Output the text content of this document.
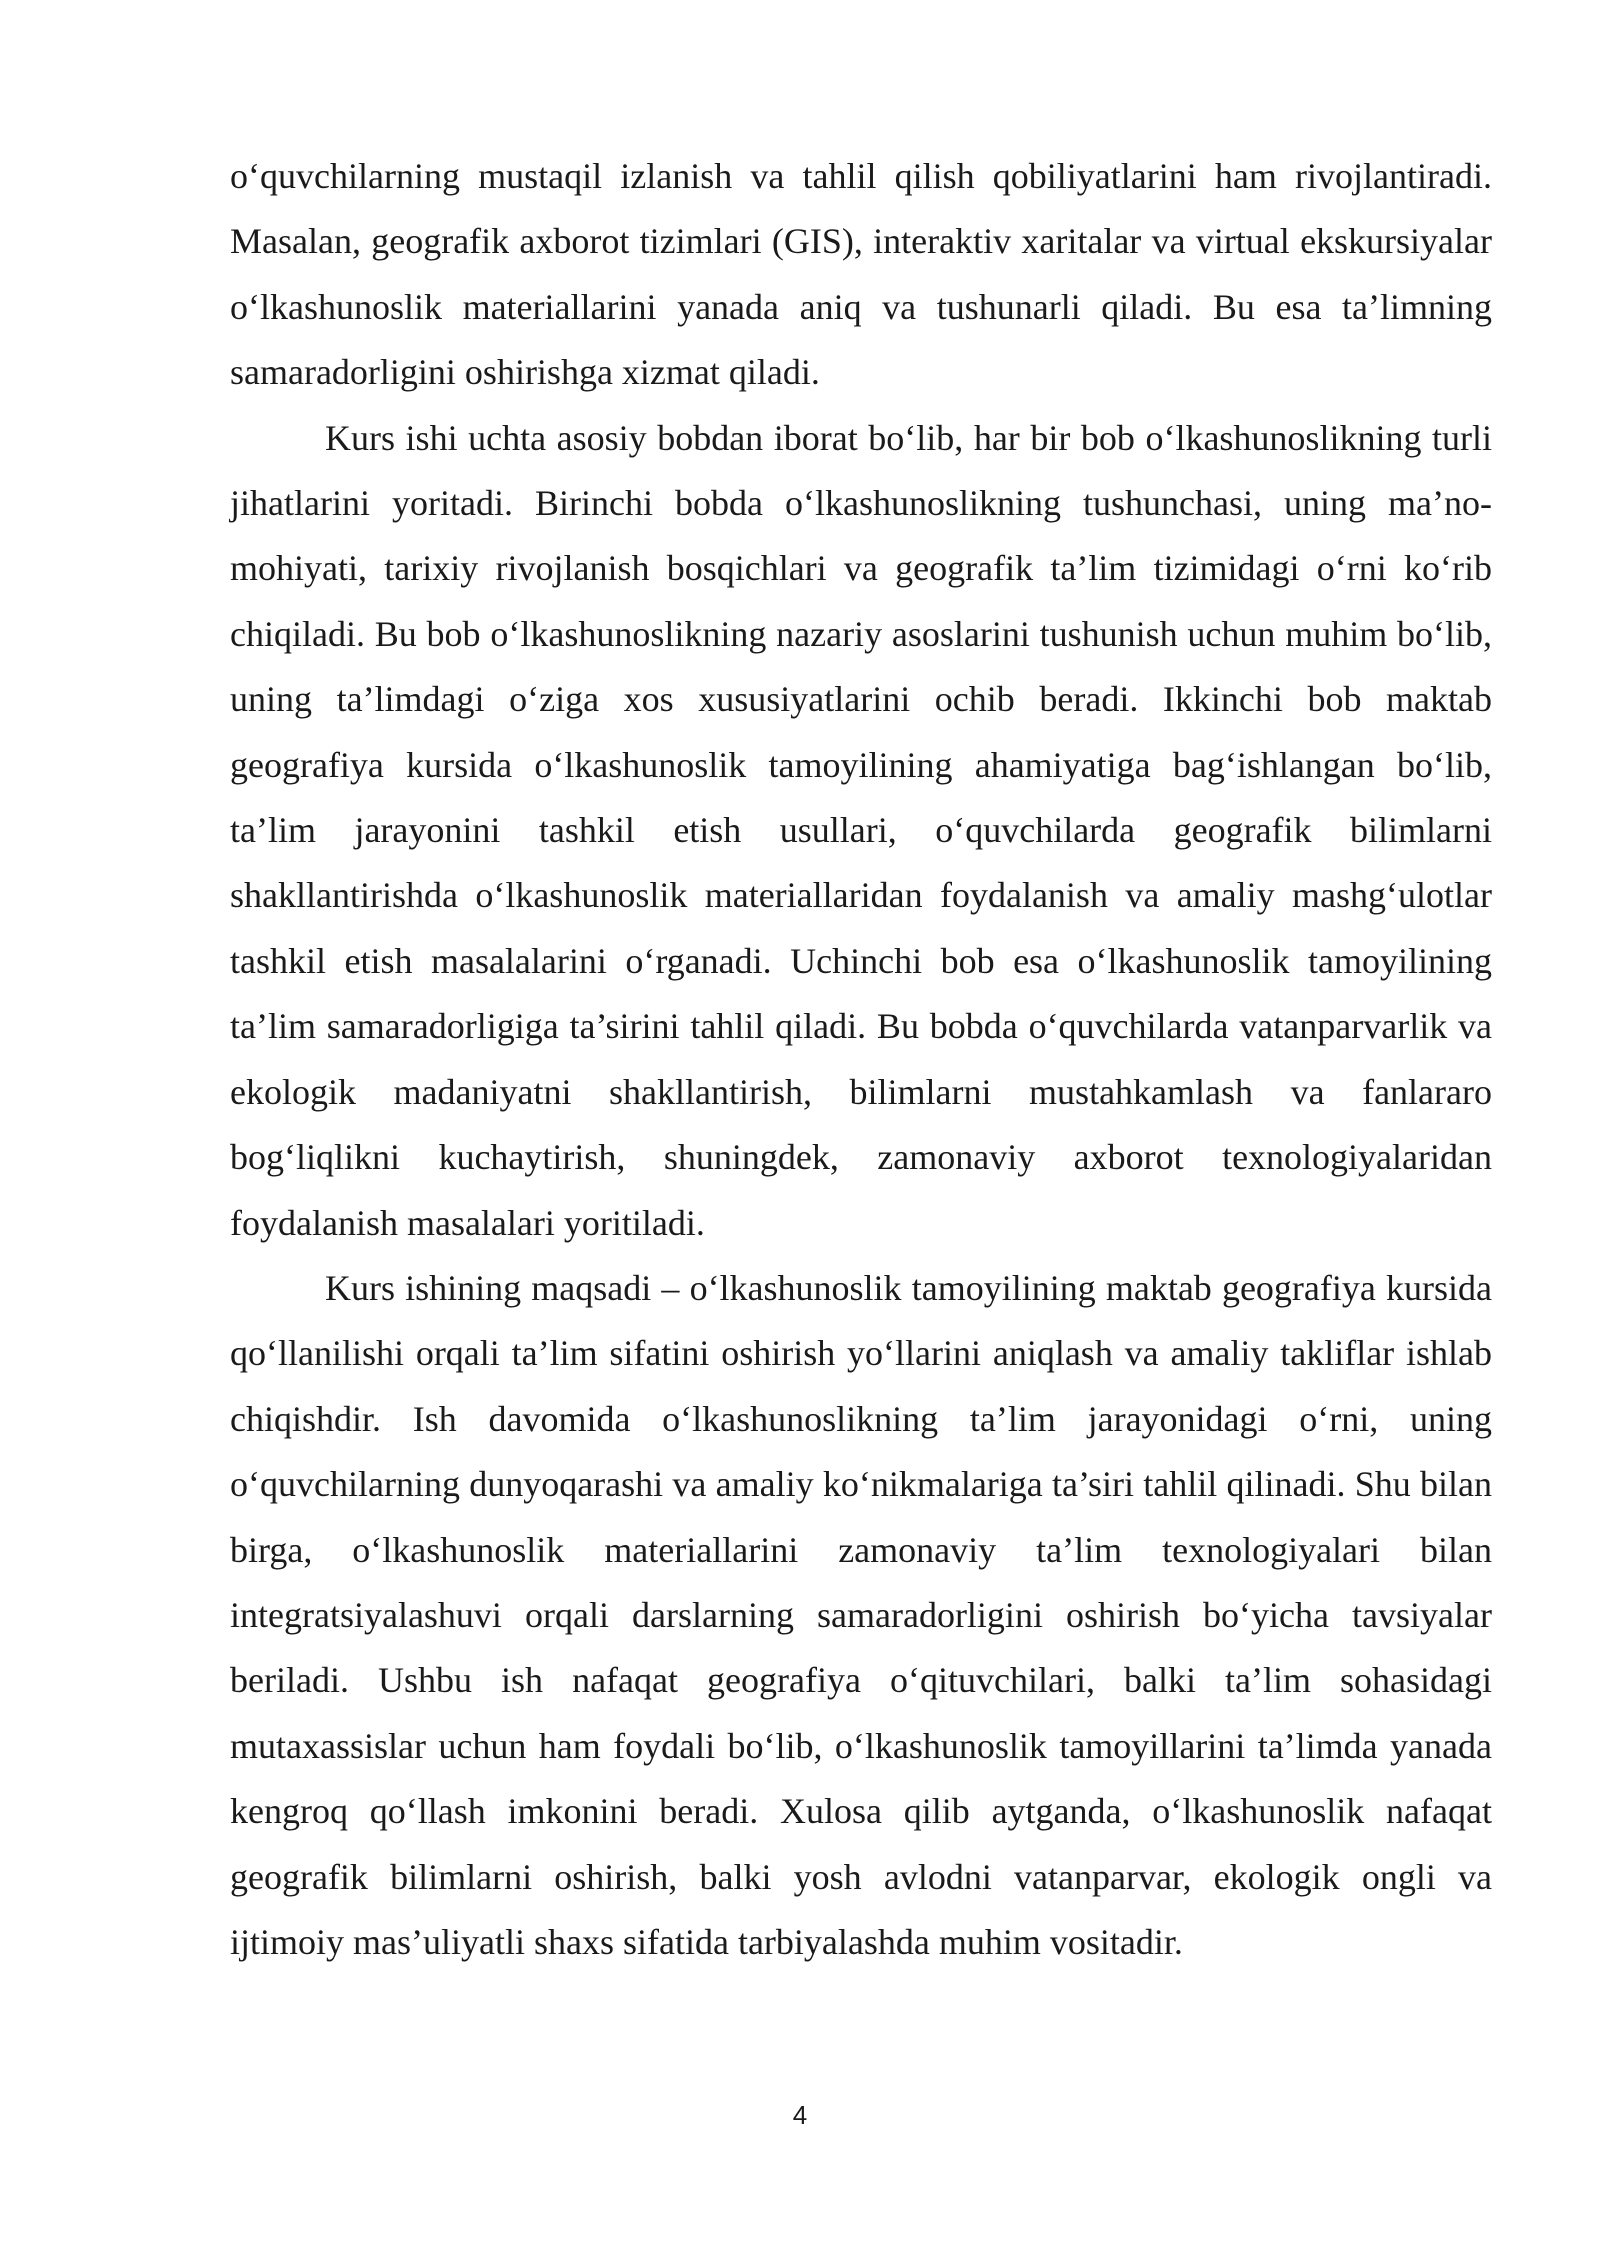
o‘quvchilarning mustaqil izlanish va tahlil qilish qobiliyatlarini ham rivojlantiradi. Masalan, geografik axborot tizimlari (GIS), interaktiv xaritalar va virtual ekskursiyalar o‘lkashunoslik materiallarini yanada aniq va tushunarli qiladi. Bu esa ta’limning samaradorligini oshirishga xizmat qiladi.

Kurs ishi uchta asosiy bobdan iborat bo‘lib, har bir bob o‘lkashunoslikning turli jihatlarini yoritadi. Birinchi bobda o‘lkashunoslikning tushunchasi, uning ma’no-mohiyati, tarixiy rivojlanish bosqichlari va geografik ta’lim tizimidagi o‘rni ko‘rib chiqiladi. Bu bob o‘lkashunoslikning nazariy asoslarini tushunish uchun muhim bo‘lib, uning ta’limdagi o‘ziga xos xususiyatlarini ochib beradi. Ikkinchi bob maktab geografiya kursida o‘lkashunoslik tamoyilining ahamiyatiga bag‘ishlangan bo‘lib, ta’lim jarayonini tashkil etish usullari, o‘quvchilarda geografik bilimlarni shakllantirishda o‘lkashunoslik materiallaridan foydalanish va amaliy mashg‘ulotlar tashkil etish masalalarini o‘rganadi. Uchinchi bob esa o‘lkashunoslik tamoyilining ta’lim samaradorligiga ta’sirini tahlil qiladi. Bu bobda o‘quvchilarda vatanparvarlik va ekologik madaniyatni shakllantirish, bilimlarni mustahkamlash va fanlararo bog‘liqlikni kuchaytirish, shuningdek, zamonaviy axborot texnologiyalaridan foydalanish masalalari yoritiladi.

Kurs ishining maqsadi – o‘lkashunoslik tamoyilining maktab geografiya kursida qo‘llanilishi orqali ta’lim sifatini oshirish yo‘llarini aniqlash va amaliy takliflar ishlab chiqishdir. Ish davomida o‘lkashunoslikning ta’lim jarayonidagi o‘rni, uning o‘quvchilarning dunyoqarashi va amaliy ko‘nikmalariga ta’siri tahlil qilinadi. Shu bilan birga, o‘lkashunoslik materiallarini zamonaviy ta’lim texnologiyalari bilan integratsiyalashuvi orqali darslarning samaradorligini oshirish bo‘yicha tavsiyalar beriladi. Ushbu ish nafaqat geografiya o‘qituvchilari, balki ta’lim sohasidagi mutaxassislar uchun ham foydali bo‘lib, o‘lkashunoslik tamoyillarini ta’limda yanada kengroq qo‘llash imkonini beradi. Xulosa qilib aytganda, o‘lkashunoslik nafaqat geografik bilimlarni oshirish, balki yosh avlodni vatanparvar, ekologik ongli va ijtimoiy mas’uliyatli shaxs sifatida tarbiyalashda muhim vositadir.

4
